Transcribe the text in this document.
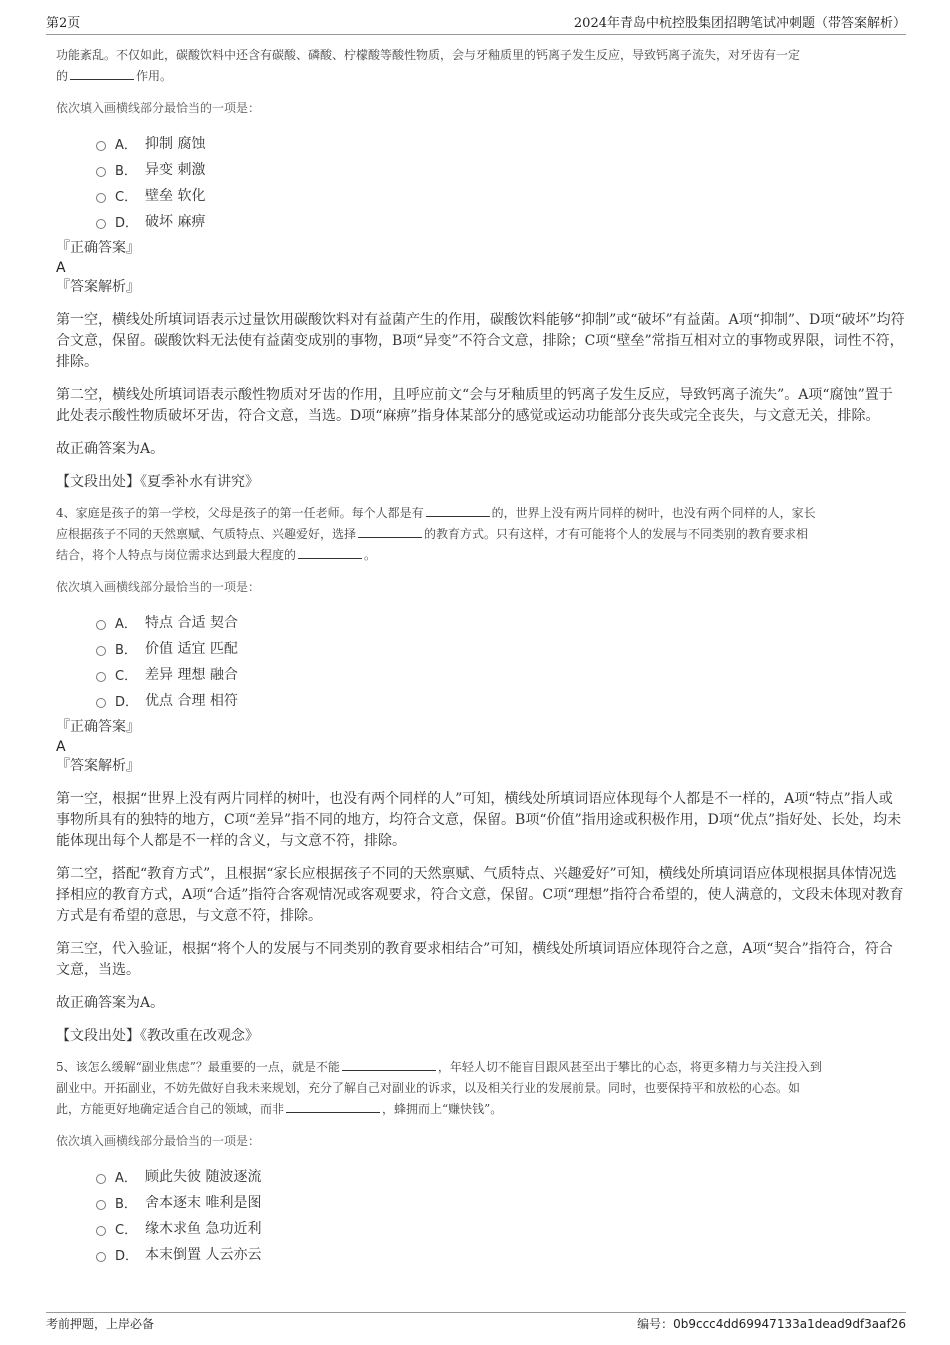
第2页	2024年青岛中杭控股集团招聘笔试冲刺题（带答案解析）

功能紊乱。不仅如此，碳酸饮料中还含有碳酸、磷酸、柠檬酸等酸性物质，会与牙釉质里的钙离子发生反应，导致钙离子流失，对牙齿有一定

的	作用。

依次填入画横线部分最恰当的一项是：

A． 抑制 腐蚀
B． 异变 刺激
C． 壁垒 软化
D． 破坏 麻痹

『正确答案』

A

『答案解析』

第一空，横线处所填词语表示过量饮用碳酸饮料对有益菌产生的作用，碳酸饮料能够“抑制”或“破坏”有益菌。A项“抑制”、D项“破坏”均符合文意，保留。碳酸饮料无法使有益菌变成别的事物，B项“异变”不符合文意，排除；C项“壁垒”常指互相对立的事物或界限，词性不符，排除。

第二空，横线处所填词语表示酸性物质对牙齿的作用，且呼应前文“会与牙釉质里的钙离子发生反应，导致钙离子流失”。A项“腐蚀”置于此处表示酸性物质破坏牙齿，符合文意，当选。D项“麻痹”指身体某部分的感觉或运动功能部分丧失或完全丧失，与文意无关，排除。

故正确答案为A。

【文段出处】《夏季补水有讲究》

4、家庭是孩子的第一学校，父母是孩子的第一任老师。每个人都是有	的，世界上没有两片同样的树叶，也没有两个同样的人，家长
应根据孩子不同的天然禀赋、气质特点、兴趣爱好，选择	的教育方式。只有这样，才有可能将个人的发展与不同类别的教育要求相
结合，将个人特点与岗位需求达到最大程度的	。

依次填入画横线部分最恰当的一项是：

A． 特点 合适 契合
B． 价值 适宜 匹配
C． 差异 理想 融合
D． 优点 合理 相符

『正确答案』

A

『答案解析』

第一空，根据“世界上没有两片同样的树叶，也没有两个同样的人”可知，横线处所填词语应体现每个人都是不一样的，A项“特点”指人或事物所具有的独特的地方，C项“差异”指不同的地方，均符合文意，保留。B项“价值”指用途或积极作用，D项“优点”指好处、长处，均未能体现出每个人都是不一样的含义，与文意不符，排除。

第二空，搭配“教育方式”，且根据“家长应根据孩子不同的天然禀赋、气质特点、兴趣爱好”可知，横线处所填词语应体现根据具体情况选择相应的教育方式，A项“合适”指符合客观情况或客观要求，符合文意，保留。C项“理想”指符合希望的，使人满意的，文段未体现对教育方式是有希望的意思，与文意不符，排除。

第三空，代入验证，根据“将个人的发展与不同类别的教育要求相结合”可知，横线处所填词语应体现符合之意，A项“契合”指符合，符合文意，当选。

故正确答案为A。

【文段出处】《教改重在改观念》

5、该怎么缓解“副业焦虑”？最重要的一点，就是不能	，年轻人切不能盲目跟风甚至出于攀比的心态，将更多精力与关注投入到
副业中。开拓副业，不妨先做好自我未来规划，充分了解自己对副业的诉求，以及相关行业的发展前景。同时，也要保持平和放松的心态。如
此，方能更好地确定适合自己的领域，而非	，蜂拥而上“赚快钱”。

依次填入画横线部分最恰当的一项是：

A． 顾此失彼 随波逐流
B． 舍本逐末 唯利是图
C． 缘木求鱼 急功近利
D． 本末倒置 人云亦云
考前押题，上岸必备	编号：0b9ccc4dd69947133a1dead9df3aaf26
